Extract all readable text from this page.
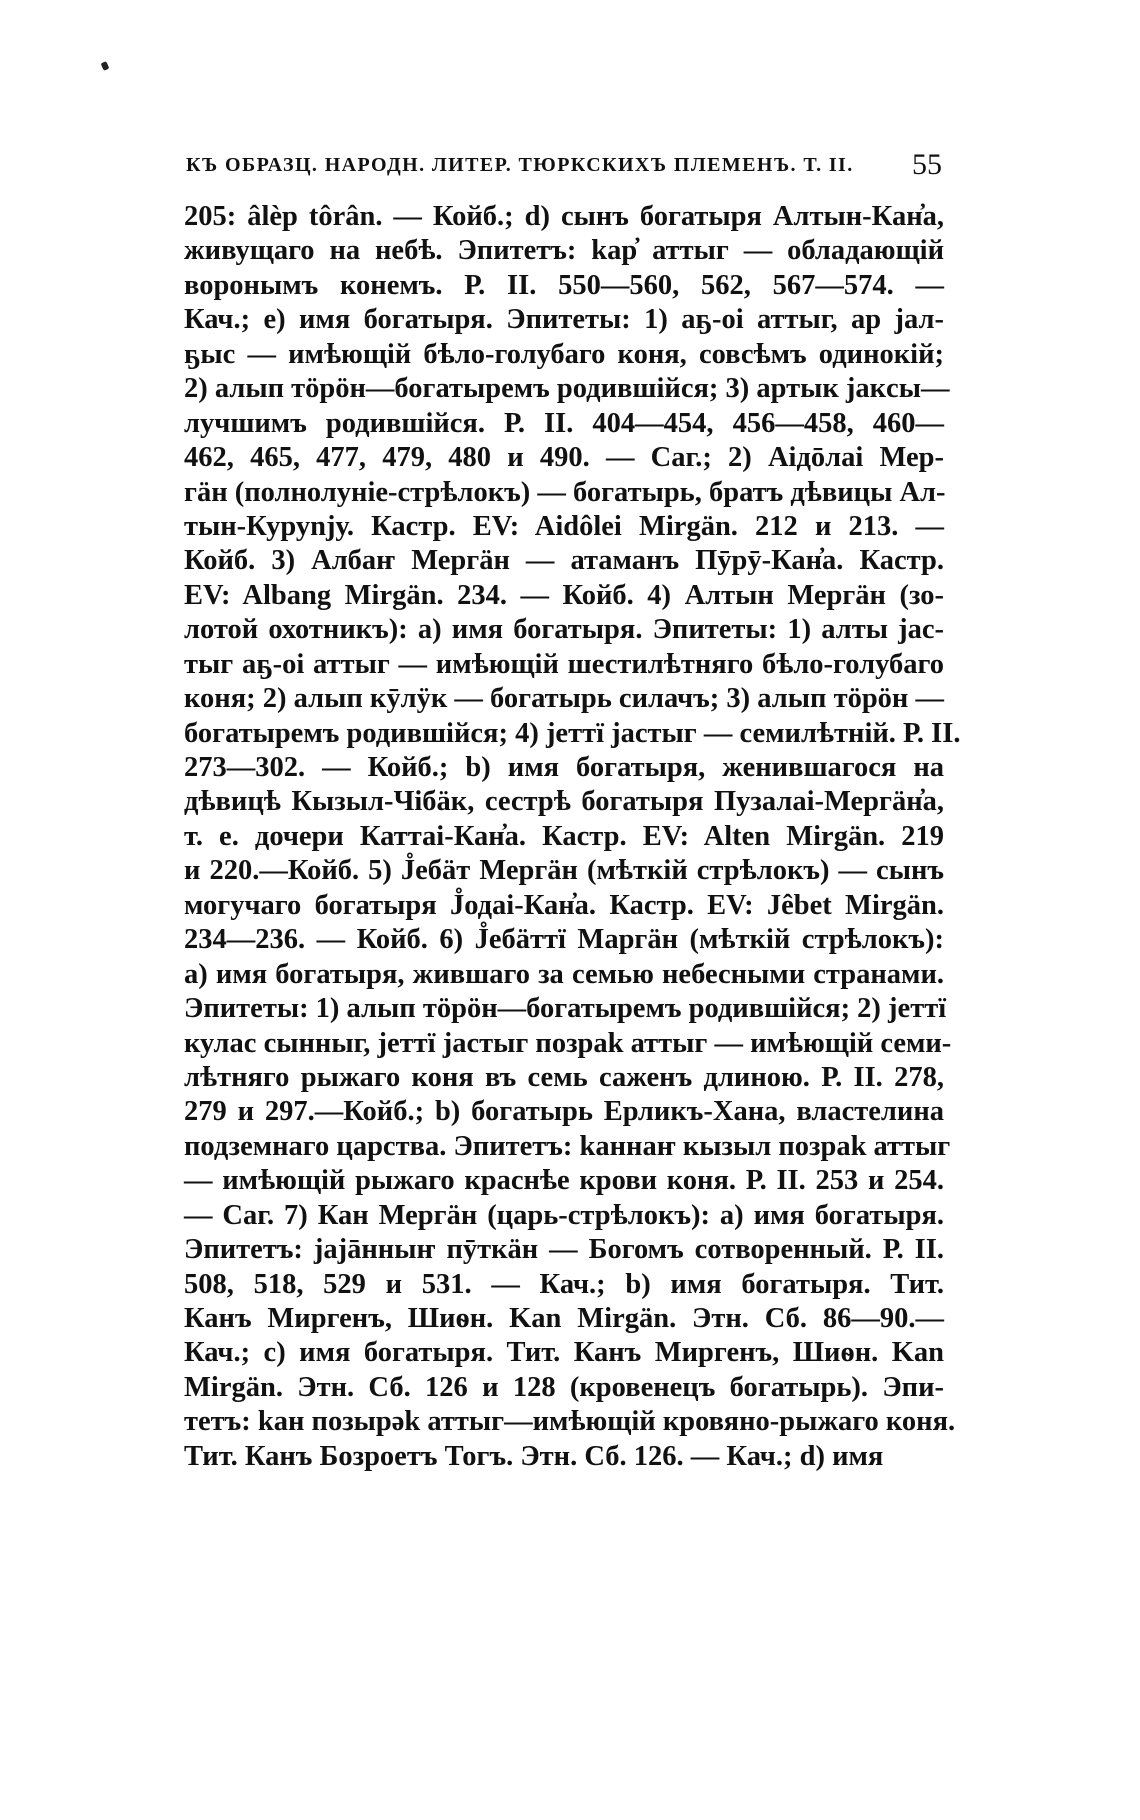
КЪ ОБРАЗЦ. НАРОДН. ЛИТЕР. ТЮРКСКИХЪ ПЛЕМЕНЪ. Т. II. 55
205: âlèp tôrân. — Койб.; d) сынъ богатыря Алтын-Кан̓а,
живущаго на небѣ. Эпитетъ: kар̓ аттыг — обладающій
воронымъ конемъ. Р. II. 550—560, 562, 567—574. —
Кач.; е) имя богатыря. Эпитеты: 1) аҕ-оі аттыг, ар jал-
ҕыс — имѣющій бѣло-голубаго коня, совсѣмъ одинокій;
2) алып тӧрӧн—богатыремъ родившійся; 3) артык jакcы—
лучшимъ родившійся. Р. II. 404—454, 456—458, 460—
462, 465, 477, 479, 480 и 490. — Саг.; 2) Аідōлаі Мер-
гӓн (полнолуніе-стрѣлокъ) — богатырь, братъ дѣвицы Ал-
тын-Куруnjу. Кастр. EV: Aidôlei Mirgän. 212 и 213. —
Койб. 3) Албаҥ Мергӓн — атаманъ Пӯрӯ-Кан̓а. Кастр.
EV: Albang Mirgän. 234. — Койб. 4) Алтын Мергӓн (зо-
лотой охотникъ): а) имя богатыря. Эпитеты: 1) алты jас-
тыг аҕ-оі аттыг — имѣющій шестилѣтняго бѣло-голубаго
коня; 2) алып кӯлӱк — богатырь силачъ; 3) алып тӧрӧн —
богатыремъ родившійся; 4) jеттï jастыг — семилѣтній. Р. II.
273—302. — Койб.; b) имя богатыря, женившагося на
дѣвицѣ Кызыл-Чібӓк, сестрѣ богатыря Пузалаі-Мергӓн̓а,
т. е. дочери Каттаі-Кан̓а. Кастр. EV: Alten Mirgän. 219
и 220.—Койб. 5) J̊ебӓт Мергӓн (мѣткій стрѣлокъ) — сынъ
могучаго богатыря J̊одаі-Кан̓а. Кастр. EV: Jêbet Mirgän.
234—236. — Койб. 6) J̊ебӓттï Маргӓн (мѣткій стрѣлокъ):
а) имя богатыря, жившаго за семью небесными странами.
Эпитеты: 1) алып тӧрӧн—богатыремъ родившійся; 2) jеттï
кулас сынныг, jеттï jастыг позраk аттыг — имѣющій семи-
лѣтняго рыжаго коня въ семь саженъ длиною. Р. II. 278,
279 и 297.—Койб.; b) богатырь Ерликъ-Хана, властелина
подземнаго царства. Эпитетъ: kаннаҥ кызыл позраk аттыг
— имѣющій рыжаго краснѣе крови коня. Р. II. 253 и 254.
— Саг. 7) Кан Мергӓн (царь-стрѣлокъ): а) имя богатыря.
Эпитетъ: jаjāнныҥ пӯткӓн — Богомъ сотворенный. Р. II.
508, 518, 529 и 531. — Кач.; b) имя богатыря. Тит.
Канъ Миргенъ, Шиѳн. Kan Mirgän. Этн. Сб. 86—90.—
Кач.; с) имя богатыря. Тит. Канъ Миргенъ, Шиѳн. Kan
Mirgän. Этн. Сб. 126 и 128 (кровенецъ богатырь). Эпи-
тетъ: kан позырәk аттыг—имѣющій кровяно-рыжаго коня.
Тит. Канъ Бозроетъ Тогъ. Этн. Сб. 126. — Кач.; d) имя
